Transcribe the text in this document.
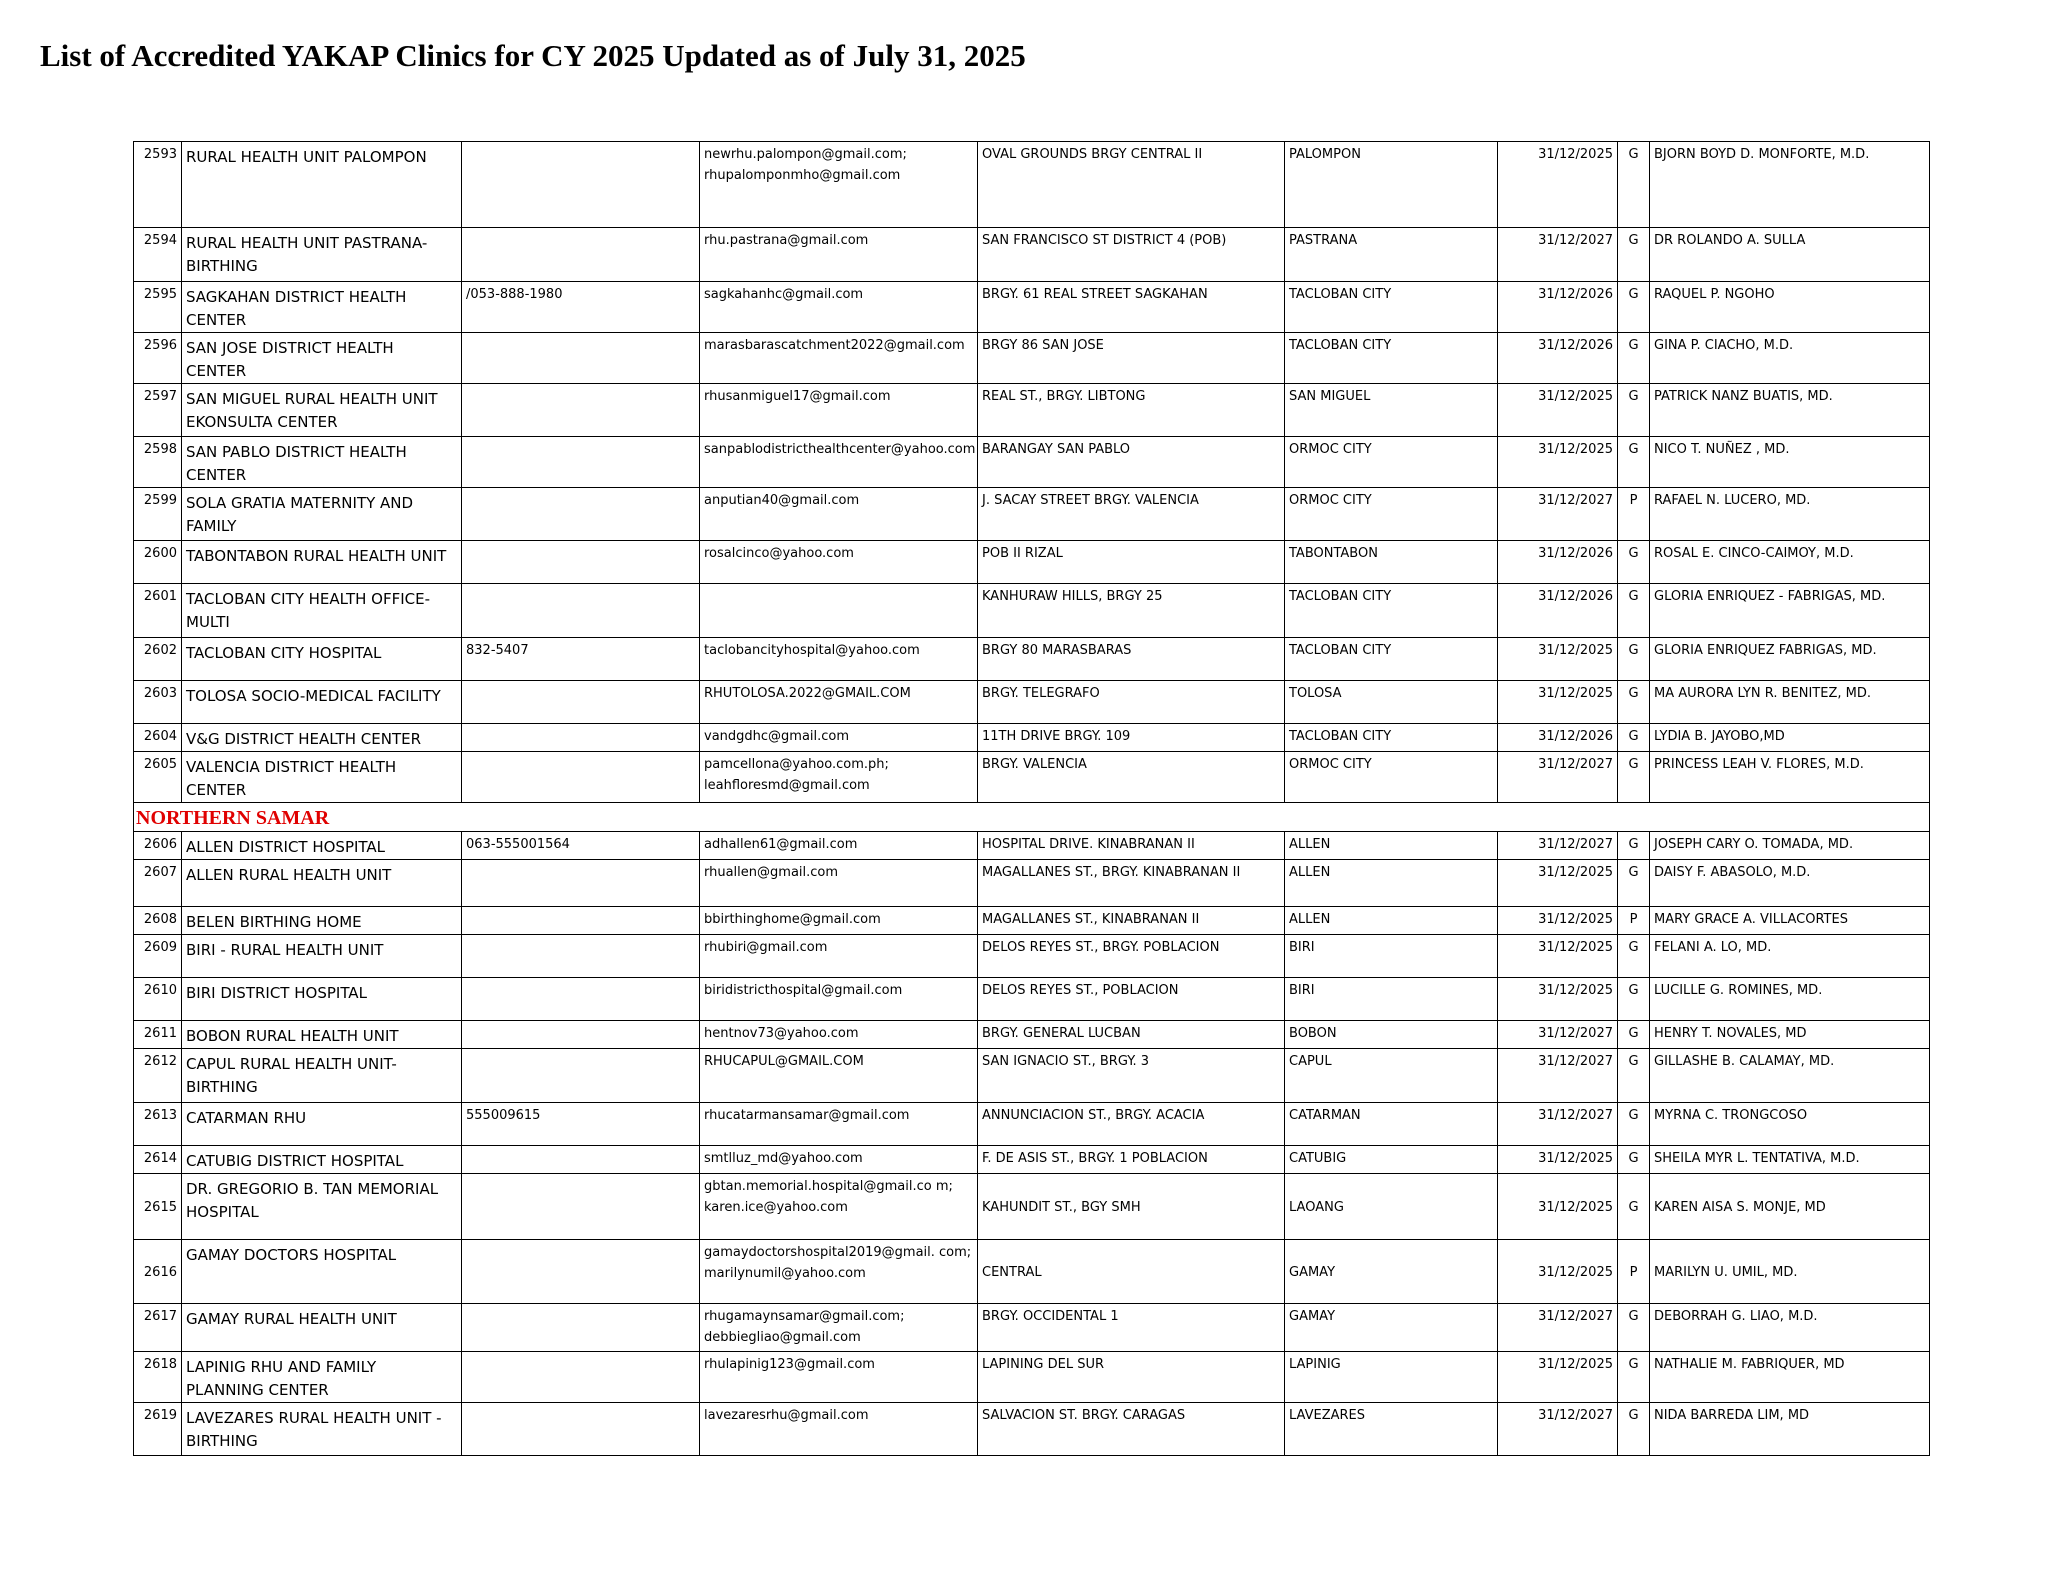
List of Accredited YAKAP Clinics for CY 2025 Updated as of July 31, 2025
2593	RURAL HEALTH UNIT PALOMPON		newrhu.palompon@gmail.com; rhupalomponmho@gmail.com	OVAL GROUNDS BRGY CENTRAL II	PALOMPON	31/12/2025	G	BJORN BOYD D. MONFORTE, M.D.
2594	RURAL HEALTH UNIT PASTRANA-BIRTHING		rhu.pastrana@gmail.com	SAN FRANCISCO ST DISTRICT 4 (POB)	PASTRANA	31/12/2027	G	DR ROLANDO A. SULLA
2595	SAGKAHAN DISTRICT HEALTH CENTER	/053-888-1980	sagkahanhc@gmail.com	BRGY. 61 REAL STREET SAGKAHAN	TACLOBAN CITY	31/12/2026	G	RAQUEL P. NGOHO
2596	SAN JOSE DISTRICT HEALTH CENTER		marasbarascatchment2022@gmail.com	BRGY 86 SAN JOSE	TACLOBAN CITY	31/12/2026	G	GINA P. CIACHO, M.D.
2597	SAN MIGUEL RURAL HEALTH UNIT EKONSULTA CENTER		rhusanmiguel17@gmail.com	REAL ST., BRGY. LIBTONG	SAN MIGUEL	31/12/2025	G	PATRICK NANZ BUATIS, MD.
2598	SAN PABLO DISTRICT HEALTH CENTER		sanpablodistricthealthcenter@yahoo.com	BARANGAY SAN PABLO	ORMOC CITY	31/12/2025	G	NICO T. NUÑEZ , MD.
2599	SOLA GRATIA MATERNITY AND FAMILY		anputian40@gmail.com	J. SACAY STREET BRGY. VALENCIA	ORMOC CITY	31/12/2027	P	RAFAEL N. LUCERO, MD.
2600	TABONTABON RURAL HEALTH UNIT		rosalcinco@yahoo.com	POB II RIZAL	TABONTABON	31/12/2026	G	ROSAL E. CINCO-CAIMOY, M.D.
2601	TACLOBAN CITY HEALTH OFFICE-MULTI			KANHURAW HILLS, BRGY 25	TACLOBAN CITY	31/12/2026	G	GLORIA ENRIQUEZ - FABRIGAS, MD.
2602	TACLOBAN CITY HOSPITAL	832-5407	taclobancityhospital@yahoo.com	BRGY 80 MARASBARAS	TACLOBAN CITY	31/12/2025	G	GLORIA ENRIQUEZ FABRIGAS, MD.
2603	TOLOSA SOCIO-MEDICAL FACILITY		RHUTOLOSA.2022@GMAIL.COM	BRGY. TELEGRAFO	TOLOSA	31/12/2025	G	MA AURORA LYN R. BENITEZ, MD.
2604	V&G DISTRICT HEALTH CENTER		vandgdhc@gmail.com	11TH DRIVE BRGY. 109	TACLOBAN CITY	31/12/2026	G	LYDIA B. JAYOBO,MD
2605	VALENCIA DISTRICT HEALTH CENTER		pamcellona@yahoo.com.ph; leahfloresmd@gmail.com	BRGY. VALENCIA	ORMOC CITY	31/12/2027	G	PRINCESS LEAH V. FLORES, M.D.
NORTHERN SAMAR								
2606	ALLEN DISTRICT HOSPITAL	063-555001564	adhallen61@gmail.com	HOSPITAL DRIVE. KINABRANAN II	ALLEN	31/12/2027	G	JOSEPH CARY O. TOMADA, MD.
2607	ALLEN RURAL HEALTH UNIT		rhuallen@gmail.com	MAGALLANES ST., BRGY. KINABRANAN II	ALLEN	31/12/2025	G	DAISY F. ABASOLO, M.D.
2608	BELEN BIRTHING HOME		bbirthinghome@gmail.com	MAGALLANES ST., KINABRANAN II	ALLEN	31/12/2025	P	MARY GRACE A. VILLACORTES
2609	BIRI - RURAL HEALTH UNIT		rhubiri@gmail.com	DELOS REYES ST., BRGY. POBLACION	BIRI	31/12/2025	G	FELANI A. LO, MD.
2610	BIRI DISTRICT HOSPITAL		biridistricthospital@gmail.com	DELOS REYES ST., POBLACION	BIRI	31/12/2025	G	LUCILLE G. ROMINES, MD.
2611	BOBON RURAL HEALTH UNIT		hentnov73@yahoo.com	BRGY. GENERAL LUCBAN	BOBON	31/12/2027	G	HENRY T. NOVALES, MD
2612	CAPUL RURAL HEALTH UNIT-BIRTHING		RHUCAPUL@GMAIL.COM	SAN IGNACIO ST., BRGY. 3	CAPUL	31/12/2027	G	GILLASHE B. CALAMAY, MD.
2613	CATARMAN RHU	555009615	rhucatarmansamar@gmail.com	ANNUNCIACION ST., BRGY. ACACIA	CATARMAN	31/12/2027	G	MYRNA C. TRONGCOSO
2614	CATUBIG DISTRICT HOSPITAL		smtlluz_md@yahoo.com	F. DE ASIS ST., BRGY. 1 POBLACION	CATUBIG	31/12/2025	G	SHEILA MYR L. TENTATIVA, M.D.
2615	DR. GREGORIO B. TAN MEMORIAL HOSPITAL		gbtan.memorial.hospital@gmail.co m; karen.ice@yahoo.com	KAHUNDIT ST., BGY SMH	LAOANG	31/12/2025	G	KAREN AISA S. MONJE, MD
2616	GAMAY DOCTORS HOSPITAL		gamaydoctorshospital2019@gmail. com; marilynumil@yahoo.com	CENTRAL	GAMAY	31/12/2025	P	MARILYN U. UMIL, MD.
2617	GAMAY RURAL HEALTH UNIT		rhugamaynsamar@gmail.com; debbiegliao@gmail.com	BRGY. OCCIDENTAL 1	GAMAY	31/12/2027	G	DEBORRAH G. LIAO, M.D.
2618	LAPINIG RHU AND FAMILY PLANNING CENTER		rhulapinig123@gmail.com	LAPINING DEL SUR	LAPINIG	31/12/2025	G	NATHALIE M. FABRIQUER, MD
2619	LAVEZARES RURAL HEALTH UNIT - BIRTHING		lavezaresrhu@gmail.com	SALVACION ST. BRGY. CARAGAS	LAVEZARES	31/12/2027	G	NIDA BARREDA LIM, MD
